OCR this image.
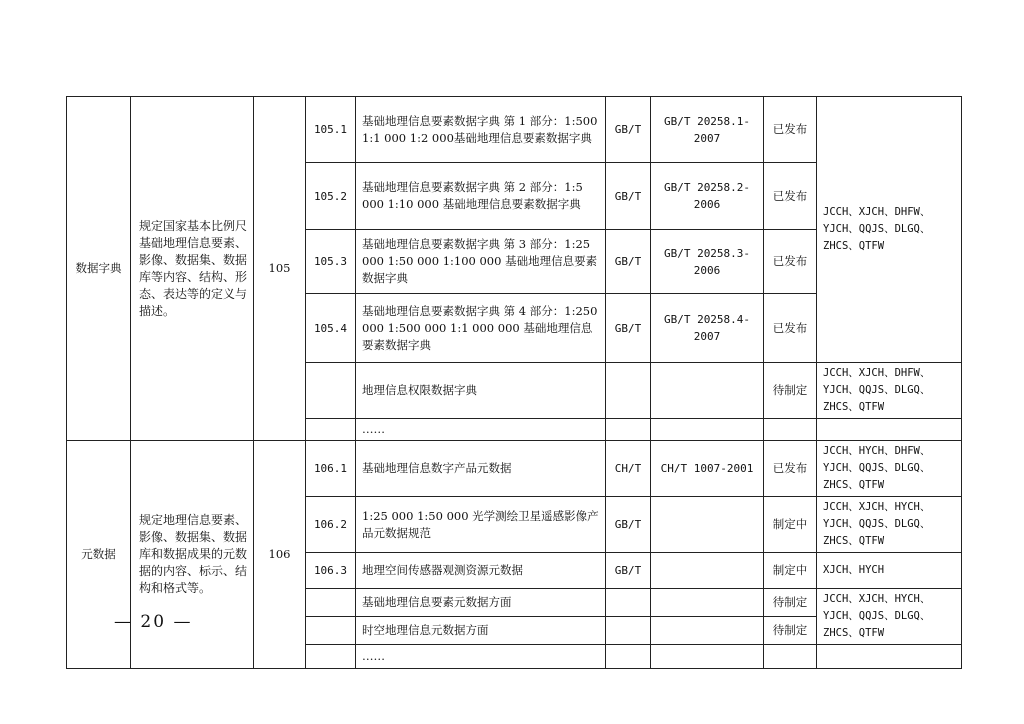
数据字典	规定国家基本比例尺基础地理信息要素、影像、数据集、数据库等内容、结构、形态、表达等的定义与描述。	105	105.1	基础地理信息要素数据字典 第 1 部分：1:500 1:1 000 1:2 000基础地理信息要素数据字典	GB/T	GB/T 20258.1-2007	已发布	JCCH、XJCH、DHFW、YJCH、QQJS、DLGQ、ZHCS、QTFW
			105.2	基础地理信息要素数据字典 第 2 部分：1:5 000 1:10 000 基础地理信息要素数据字典	GB/T	GB/T 20258.2-2006	已发布	
			105.3	基础地理信息要素数据字典 第 3 部分：1:25 000 1:50 000 1:100 000 基础地理信息要素数据字典	GB/T	GB/T 20258.3-2006	已发布	
			105.4	基础地理信息要素数据字典 第 4 部分：1:250 000 1:500 000 1:1 000 000 基础地理信息要素数据字典	GB/T	GB/T 20258.4-2007	已发布	
				地理信息权限数据字典			待制定	JCCH、XJCH、DHFW、YJCH、QQJS、DLGQ、ZHCS、QTFW
				……				
元数据	规定地理信息要素、影像、数据集、数据库和数据成果的元数据的内容、标示、结构和格式等。	106	106.1	基础地理信息数字产品元数据	CH/T	CH/T 1007-2001	已发布	JCCH、HYCH、DHFW、YJCH、QQJS、DLGQ、ZHCS、QTFW
			106.2	1:25 000 1:50 000 光学测绘卫星遥感影像产品元数据规范	GB/T		制定中	JCCH、XJCH、HYCH、YJCH、QQJS、DLGQ、ZHCS、QTFW
			106.3	地理空间传感器观测资源元数据	GB/T		制定中	XJCH、HYCH
				基础地理信息要素元数据方面			待制定	JCCH、XJCH、HYCH、YJCH、QQJS、DLGQ、ZHCS、QTFW
				时空地理信息元数据方面			待制定	
				……				
— 20 —
